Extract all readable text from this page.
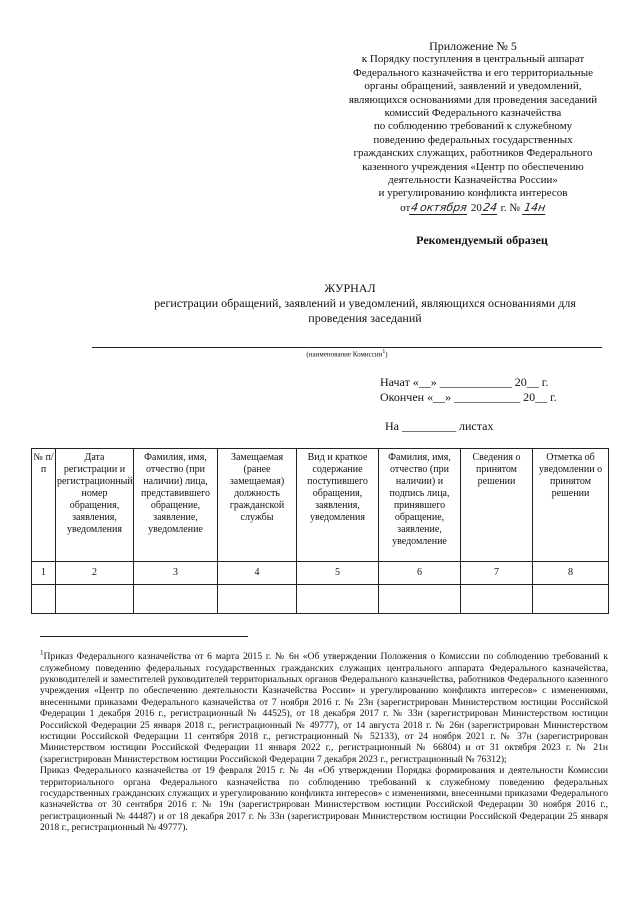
Приложение № 5
к Порядку поступления в центральный аппарат
Федерального казначейства и его территориальные
органы обращений, заявлений и уведомлений,
являющихся основаниями для проведения заседаний
комиссий Федерального казначейства
по соблюдению требований к служебному
поведению федеральных государственных
гражданских служащих, работников Федерального
казенного учреждения «Центр по обеспечению
деятельности Казначейства России»
и урегулированию конфликта интересов
от4октября 2024 г. № 14н
Рекомендуемый образец
ЖУРНАЛ
регистрации обращений, заявлений и уведомлений, являющихся основаниями для
проведения заседаний
(наименование Комиссии$^1$)
Начат «__» ____________ 20__ г.
Окончен «__» ___________ 20__ г.
На _________ листах
№ п/п	Дата регистрации и регистрационный номер обращения, заявления, уведомления	Фамилия, имя, отчество (при наличии) лица, представившего обращение, заявление, уведомление	Замещаемая (ранее замещаемая) должность гражданской службы	Вид и краткое содержание поступившего обращения, заявления, уведомления	Фамилия, имя, отчество (при наличии) и подпись лица, принявшего обращение, заявление, уведомление	Сведения о принятом решении	Отметка об уведомлении о принятом решении
1	2	3	4	5	6	7	8

$^1$Приказ Федерального казначейства от 6 марта 2015 г. № 6н «Об утверждении Положения о Комиссии по соблюдению требований к служебному поведению федеральных государственных гражданских служащих центрального аппарата Федерального казначейства, руководителей и заместителей руководителей территориальных органов Федерального казначейства, работников Федерального казенного учреждения «Центр по обеспечению деятельности Казначейства России» и урегулированию конфликта интересов» с изменениями, внесенными приказами Федерального казначейства от 7 ноября 2016 г. № 23н (зарегистрирован Министерством юстиции Российской Федерации 1 декабря 2016 г., регистрационный № 44525), от 18 декабря 2017 г. № 33н (зарегистрирован Министерством юстиции Российской Федерации 25 января 2018 г., регистрационный № 49777), от 14 августа 2018 г. № 26н (зарегистрирован Министерством юстиции Российской Федерации 11 сентября 2018 г., регистрационный № 52133), от 24 ноября 2021 г. № 37н (зарегистрирован Министерством юстиции Российской Федерации 11 января 2022 г., регистрационный № 66804) и от 31 октября 2023 г. № 21н (зарегистрирован Министерством юстиции Российской Федерации 7 декабря 2023 г., регистрационный № 76312);
Приказ Федерального казначейства от 19 февраля 2015 г. № 4н «Об утверждении Порядка формирования и деятельности Комиссии территориального органа Федерального казначейства по соблюдению требований к служебному поведению федеральных государственных гражданских служащих и урегулированию конфликта интересов» с изменениями, внесенными приказами Федерального казначейства от 30 сентября 2016 г. № 19н (зарегистрирован Министерством юстиции Российской Федерации 30 ноября 2016 г., регистрационный № 44487) и от 18 декабря 2017 г. № 33н (зарегистрирован Министерством юстиции Российской Федерации 25 января 2018 г., регистрационный № 49777).
